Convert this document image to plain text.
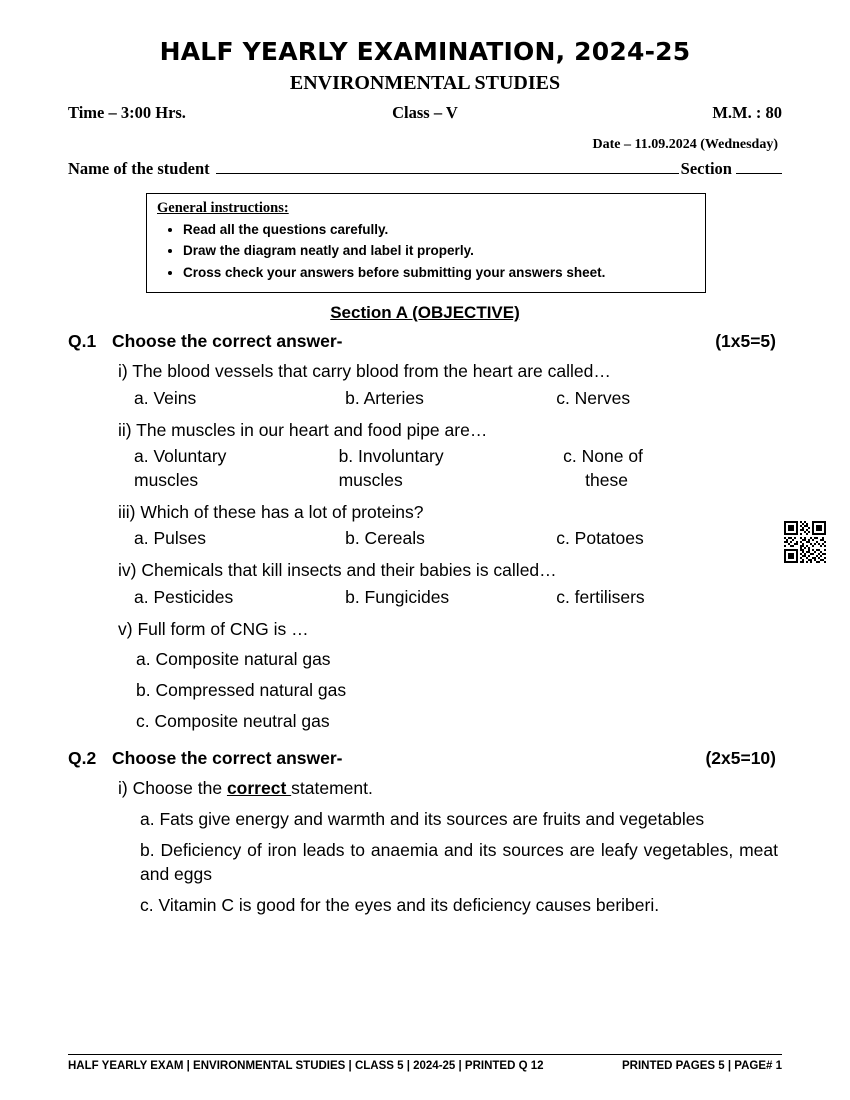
HALF YEARLY EXAMINATION, 2024-25
ENVIRONMENTAL STUDIES
Time – 3:00 Hrs.	Class – V	M.M. : 80
Date – 11.09.2024 (Wednesday)
Name of the student	Section
General instructions:
• Read all the questions carefully.
• Draw the diagram neatly and label it properly.
• Cross check your answers before submitting your answers sheet.
Section A (OBJECTIVE)
Q.1 Choose the correct answer-	(1x5=5)
i) The blood vessels that carry blood from the heart are called…
a. Veins	b. Arteries	c. Nerves
ii) The muscles in our heart and food pipe are…
a. Voluntary
muscles
b. Involuntary
muscles
c. None of
these
iii) Which of these has a lot of proteins?
a. Pulses	b. Cereals	c. Potatoes
iv) Chemicals that kill insects and their babies is called…
a. Pesticides	b. Fungicides	c. fertilisers
v) Full form of CNG is …
a. Composite natural gas
b. Compressed natural gas
c. Composite neutral gas
Q.2 Choose the correct answer-	(2x5=10)
i) Choose the correct statement.
a. Fats give energy and warmth and its sources are fruits and vegetables
b. Deficiency of iron leads to anaemia and its sources are leafy vegetables, meat and eggs
c. Vitamin C is good for the eyes and its deficiency causes beriberi.
HALF YEARLY EXAM | ENVIRONMENTAL STUDIES | CLASS 5 | 2024-25 | PRINTED Q 12	PRINTED PAGES 5 | PAGE# 1
